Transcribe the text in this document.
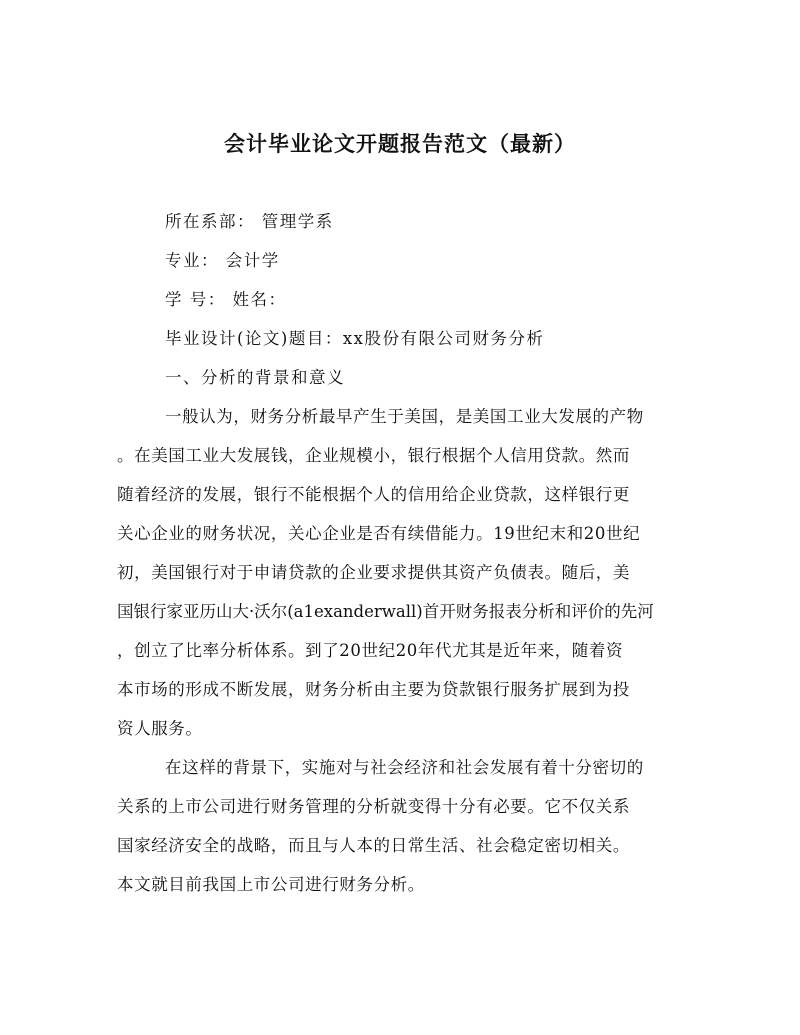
会计毕业论文开题报告范文（最新）
所在系部： 管理学系
专业： 会计学
学 号： 姓名：
毕业设计(论文)题目：xx股份有限公司财务分析
一、分析的背景和意义
一般认为，财务分析最早产生于美国，是美国工业大发展的产物
。在美国工业大发展钱，企业规模小，银行根据个人信用贷款。然而
随着经济的发展，银行不能根据个人的信用给企业贷款，这样银行更
关心企业的财务状况，关心企业是否有续借能力。19世纪末和20世纪
初，美国银行对于申请贷款的企业要求提供其资产负债表。随后，美
国银行家亚历山大·沃尔(a1exanderwall)首开财务报表分析和评价的先河
，创立了比率分析体系。到了20世纪20年代尤其是近年来，随着资
本市场的形成不断发展，财务分析由主要为贷款银行服务扩展到为投
资人服务。
在这样的背景下，实施对与社会经济和社会发展有着十分密切的
关系的上市公司进行财务管理的分析就变得十分有必要。它不仅关系
国家经济安全的战略，而且与人本的日常生活、社会稳定密切相关。
本文就目前我国上市公司进行财务分析。
